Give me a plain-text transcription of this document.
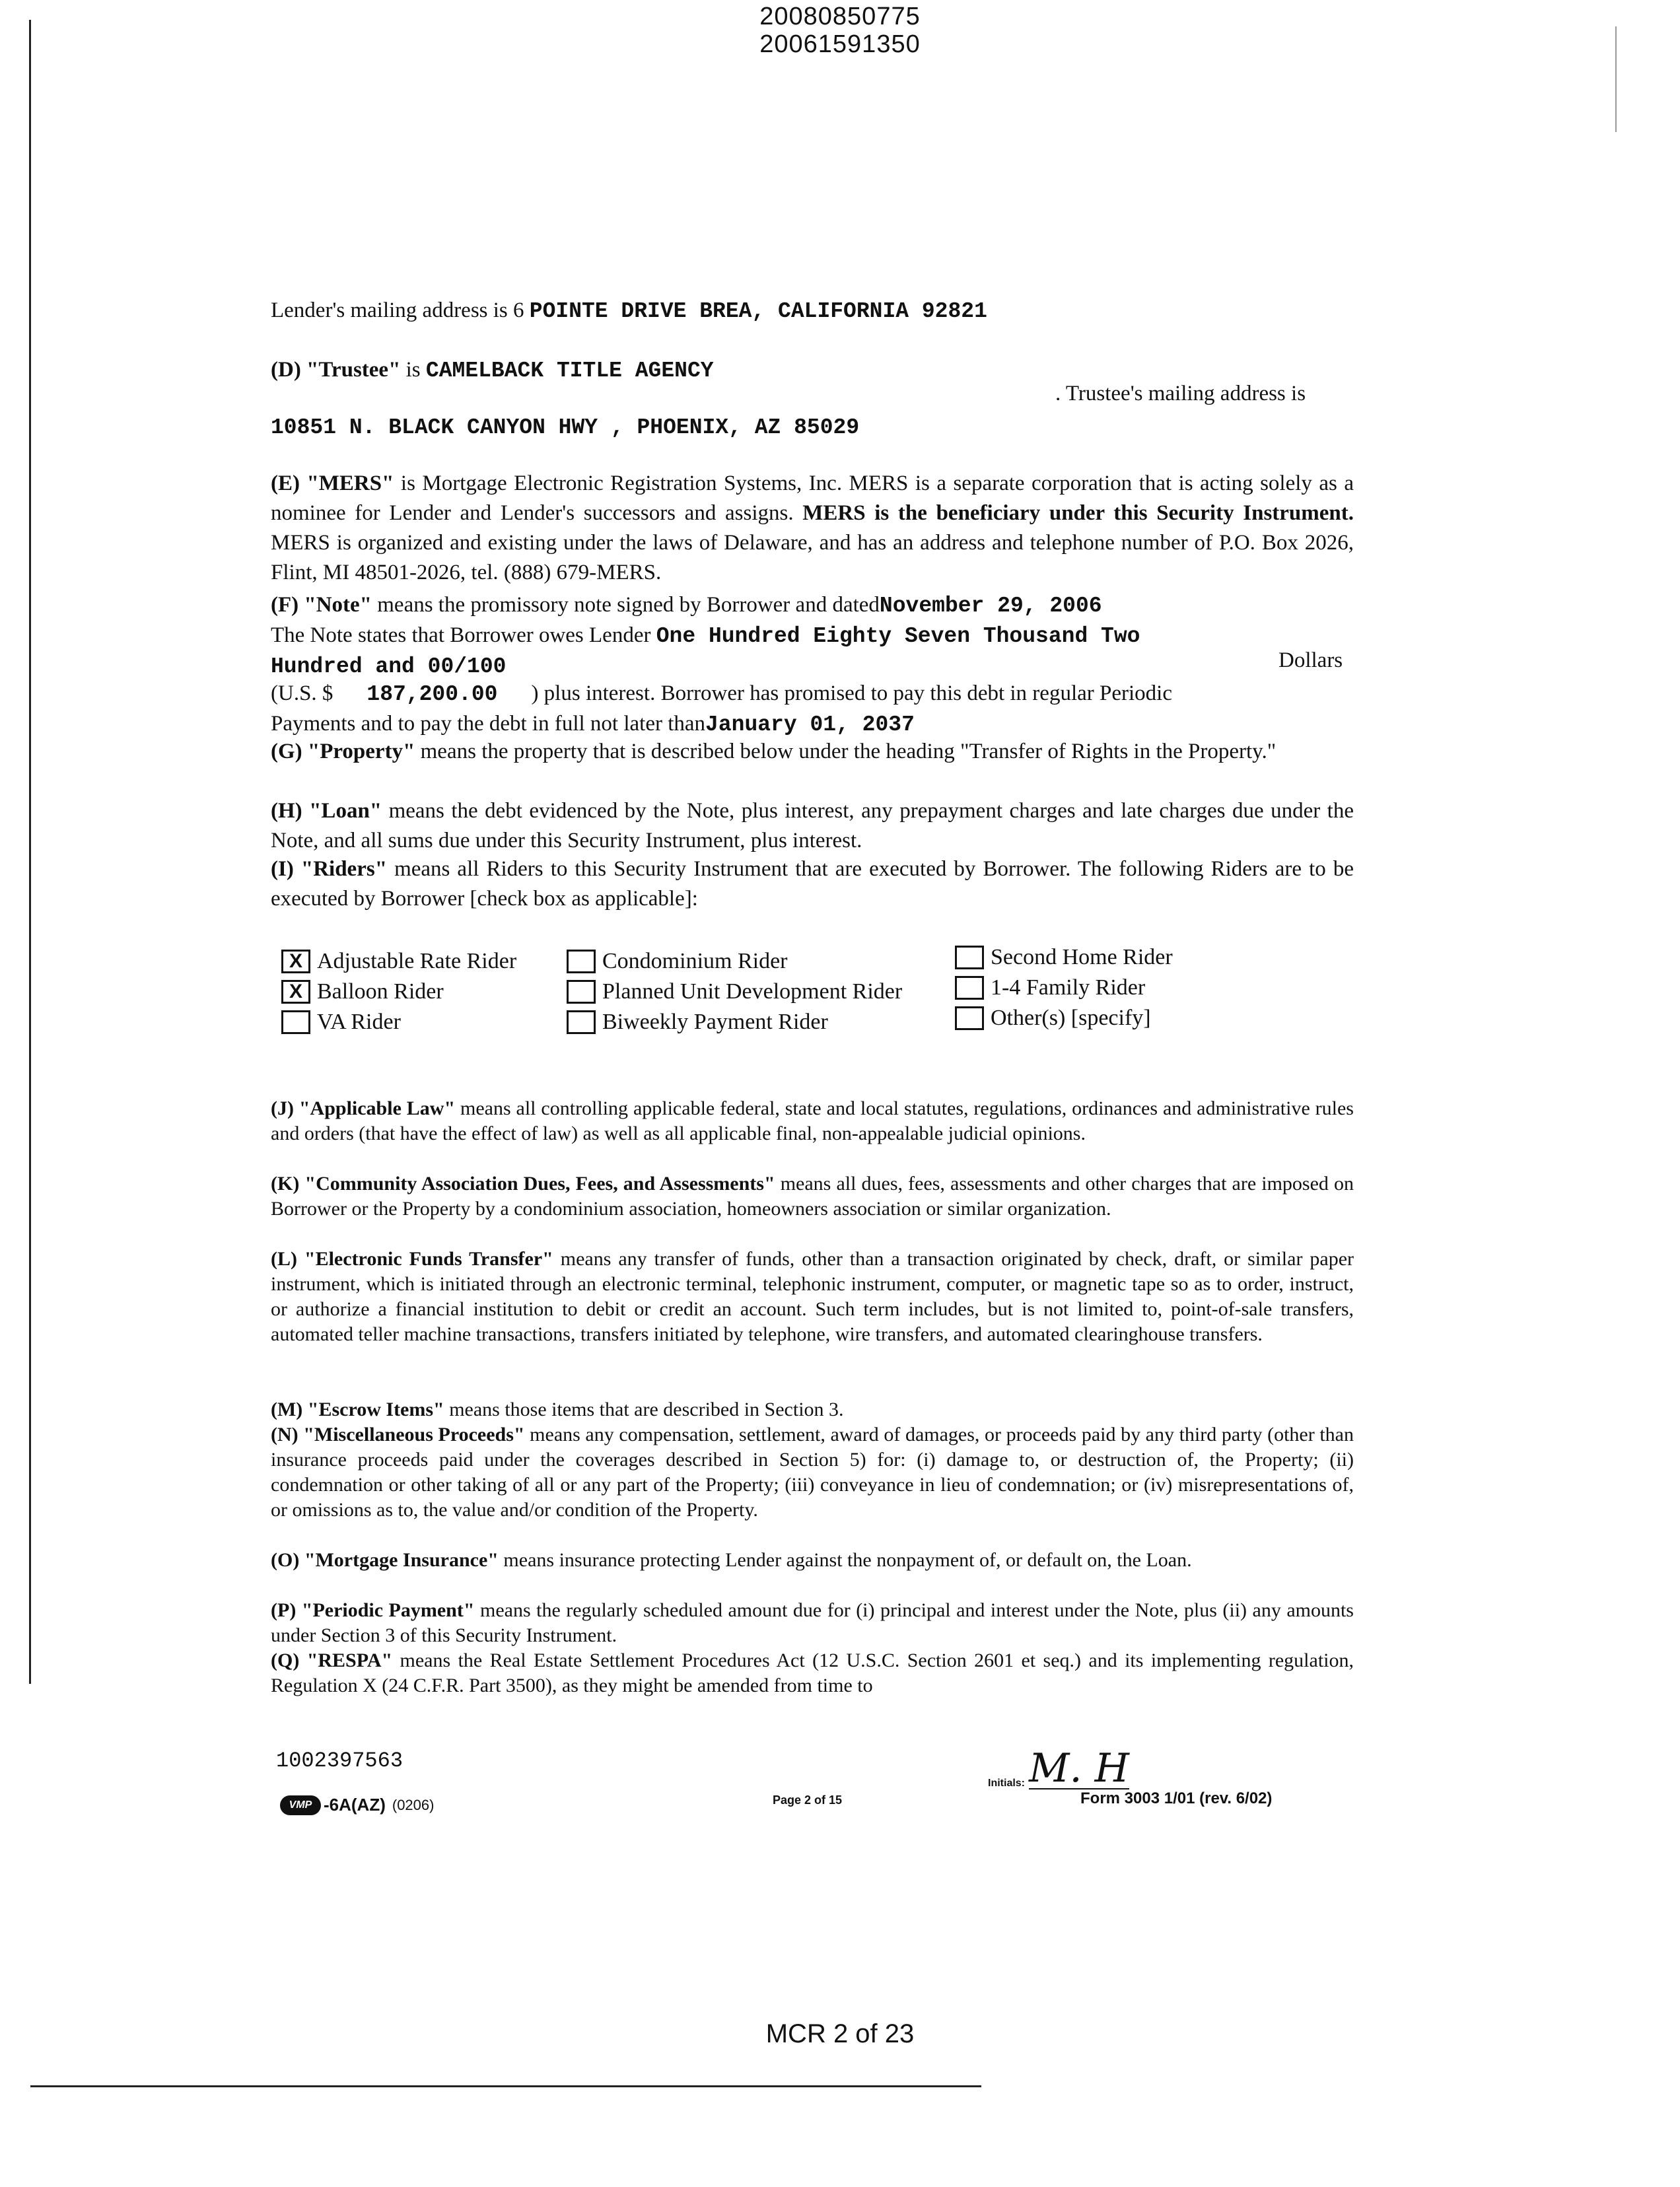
20080850775
20061591350
Lender's mailing address is 6 POINTE DRIVE BREA, CALIFORNIA 92821
(D) "Trustee" is CAMELBACK TITLE AGENCY
. Trustee's mailing address is
10851 N. BLACK CANYON HWY , PHOENIX, AZ 85029
(E) "MERS" is Mortgage Electronic Registration Systems, Inc. MERS is a separate corporation that is acting solely as a nominee for Lender and Lender's successors and assigns. MERS is the beneficiary under this Security Instrument. MERS is organized and existing under the laws of Delaware, and has an address and telephone number of P.O. Box 2026, Flint, MI 48501-2026, tel. (888) 679-MERS.
(F) "Note" means the promissory note signed by Borrower and datedNovember 29, 2006
The Note states that Borrower owes Lender One Hundred Eighty Seven Thousand Two
Hundred and 00/100	Dollars
(U.S. $ 187,200.00 ) plus interest. Borrower has promised to pay this debt in regular Periodic
Payments and to pay the debt in full not later thanJanuary 01, 2037
(G) "Property" means the property that is described below under the heading "Transfer of Rights in the Property."
(H) "Loan" means the debt evidenced by the Note, plus interest, any prepayment charges and late charges due under the Note, and all sums due under this Security Instrument, plus interest.
(I) "Riders" means all Riders to this Security Instrument that are executed by Borrower. The following Riders are to be executed by Borrower [check box as applicable]:
X Adjustable Rate Rider
X Balloon Rider
VA Rider
Condominium Rider
Planned Unit Development Rider
Biweekly Payment Rider
Second Home Rider
1-4 Family Rider
Other(s) [specify]
(J) "Applicable Law" means all controlling applicable federal, state and local statutes, regulations, ordinances and administrative rules and orders (that have the effect of law) as well as all applicable final, non-appealable judicial opinions.
(K) "Community Association Dues, Fees, and Assessments" means all dues, fees, assessments and other charges that are imposed on Borrower or the Property by a condominium association, homeowners association or similar organization.
(L) "Electronic Funds Transfer" means any transfer of funds, other than a transaction originated by check, draft, or similar paper instrument, which is initiated through an electronic terminal, telephonic instrument, computer, or magnetic tape so as to order, instruct, or authorize a financial institution to debit or credit an account. Such term includes, but is not limited to, point-of-sale transfers, automated teller machine transactions, transfers initiated by telephone, wire transfers, and automated clearinghouse transfers.
(M) "Escrow Items" means those items that are described in Section 3.
(N) "Miscellaneous Proceeds" means any compensation, settlement, award of damages, or proceeds paid by any third party (other than insurance proceeds paid under the coverages described in Section 5) for: (i) damage to, or destruction of, the Property; (ii) condemnation or other taking of all or any part of the Property; (iii) conveyance in lieu of condemnation; or (iv) misrepresentations of, or omissions as to, the value and/or condition of the Property.
(O) "Mortgage Insurance" means insurance protecting Lender against the nonpayment of, or default on, the Loan.
(P) "Periodic Payment" means the regularly scheduled amount due for (i) principal and interest under the Note, plus (ii) any amounts under Section 3 of this Security Instrument.
(Q) "RESPA" means the Real Estate Settlement Procedures Act (12 U.S.C. Section 2601 et seq.) and its implementing regulation, Regulation X (24 C.F.R. Part 3500), as they might be amended from time to
1002397563
VMP -6A(AZ) (0206)	Page 2 of 15
Initials: M. H
Form 3003 1/01 (rev. 6/02)
MCR 2 of 23
